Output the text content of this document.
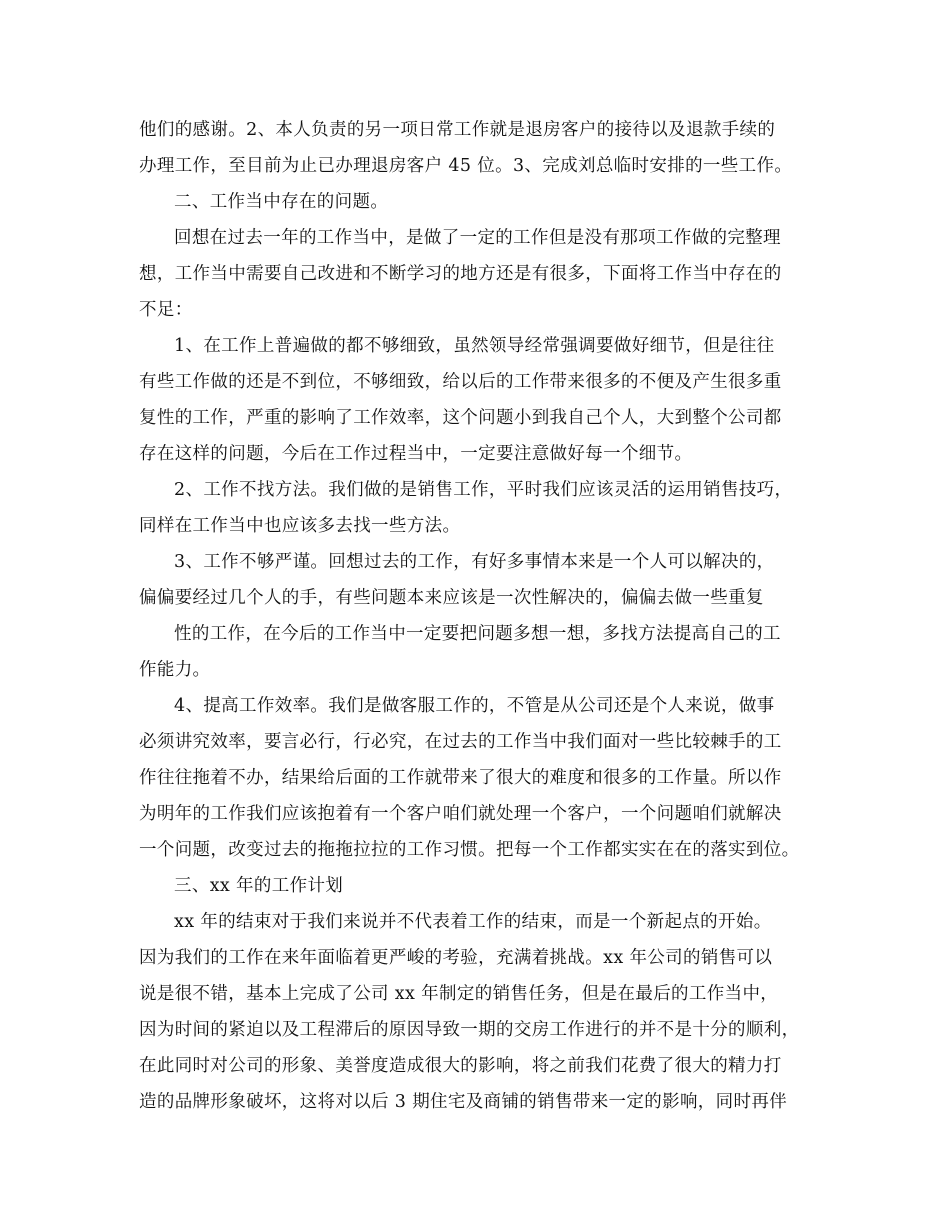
他们的感谢。2、本人负责的另一项日常工作就是退房客户的接待以及退款手续的
办理工作，至目前为止已办理退房客户 45 位。3、完成刘总临时安排的一些工作。
二、工作当中存在的问题。
回想在过去一年的工作当中，是做了一定的工作但是没有那项工作做的完整理
想，工作当中需要自己改进和不断学习的地方还是有很多，下面将工作当中存在的
不足：
1、在工作上普遍做的都不够细致，虽然领导经常强调要做好细节，但是往往
有些工作做的还是不到位，不够细致，给以后的工作带来很多的不便及产生很多重
复性的工作，严重的影响了工作效率，这个问题小到我自己个人，大到整个公司都
存在这样的问题，今后在工作过程当中，一定要注意做好每一个细节。
2、工作不找方法。我们做的是销售工作，平时我们应该灵活的运用销售技巧，
同样在工作当中也应该多去找一些方法。
3、工作不够严谨。回想过去的工作，有好多事情本来是一个人可以解决的，
偏偏要经过几个人的手，有些问题本来应该是一次性解决的，偏偏去做一些重复
性的工作，在今后的工作当中一定要把问题多想一想，多找方法提高自己的工
作能力。
4、提高工作效率。我们是做客服工作的，不管是从公司还是个人来说，做事
必须讲究效率，要言必行，行必究，在过去的工作当中我们面对一些比较棘手的工
作往往拖着不办，结果给后面的工作就带来了很大的难度和很多的工作量。所以作
为明年的工作我们应该抱着有一个客户咱们就处理一个客户，一个问题咱们就解决
一个问题，改变过去的拖拖拉拉的工作习惯。把每一个工作都实实在在的落实到位。
三、xx 年的工作计划
xx 年的结束对于我们来说并不代表着工作的结束，而是一个新起点的开始。
因为我们的工作在来年面临着更严峻的考验，充满着挑战。xx 年公司的销售可以
说是很不错，基本上完成了公司 xx 年制定的销售任务，但是在最后的工作当中，
因为时间的紧迫以及工程滞后的原因导致一期的交房工作进行的并不是十分的顺利，
在此同时对公司的形象、美誉度造成很大的影响，将之前我们花费了很大的精力打
造的品牌形象破坏，这将对以后 3 期住宅及商铺的销售带来一定的影响，同时再伴
